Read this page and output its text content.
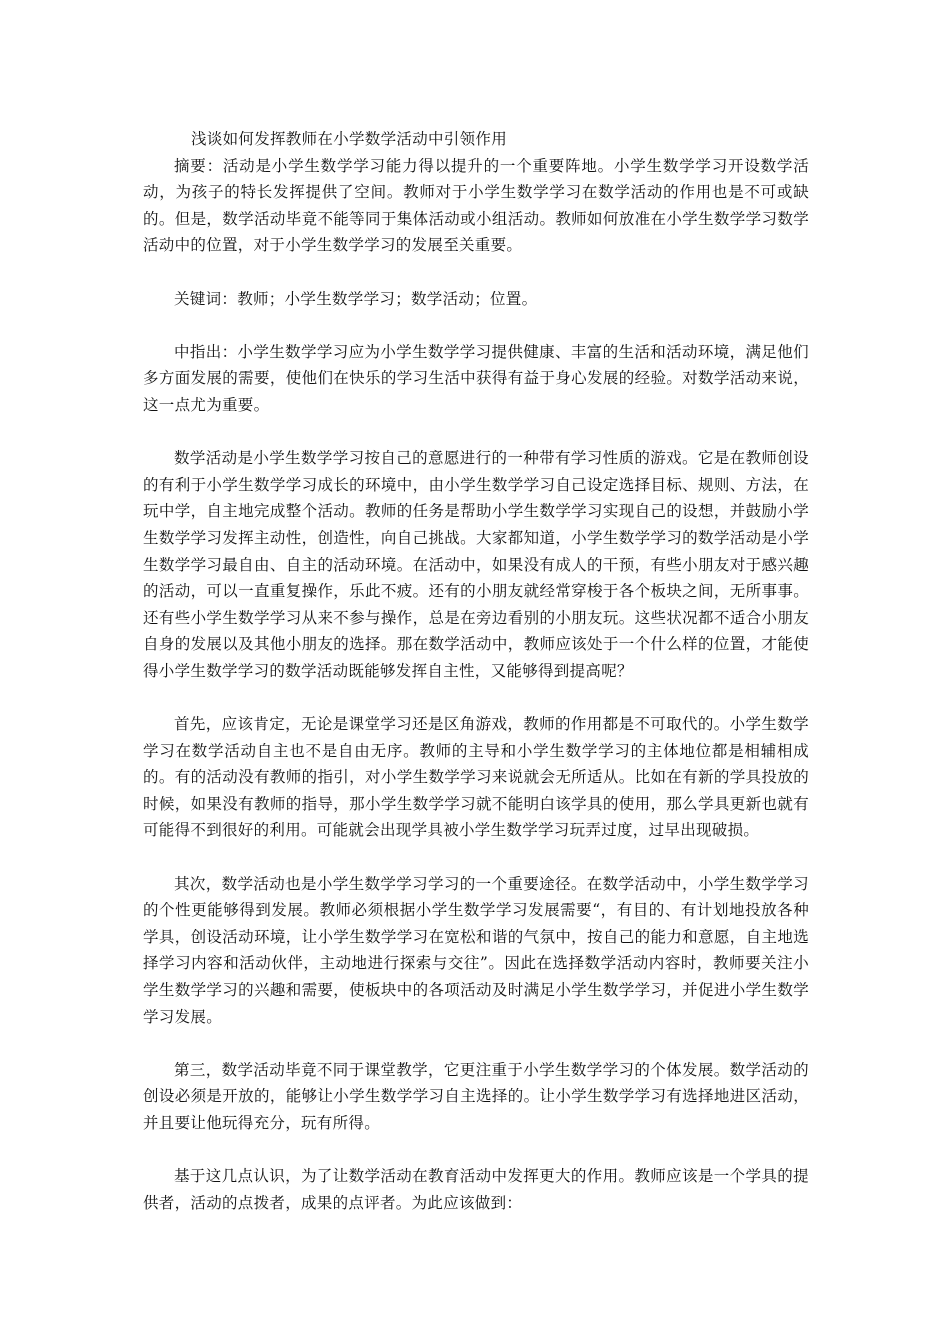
浅谈如何发挥教师在小学数学活动中引领作用

摘要：活动是小学生数学学习能力得以提升的一个重要阵地。小学生数学学习开设数学活动，为孩子的特长发挥提供了空间。教师对于小学生数学学习在数学活动的作用也是不可或缺的。但是，数学活动毕竟不能等同于集体活动或小组活动。教师如何放准在小学生数学学习数学活动中的位置，对于小学生数学学习的发展至关重要。

关键词：教师；小学生数学学习；数学活动；位置。

中指出：小学生数学学习应为小学生数学学习提供健康、丰富的生活和活动环境，满足他们多方面发展的需要，使他们在快乐的学习生活中获得有益于身心发展的经验。对数学活动来说，这一点尤为重要。

数学活动是小学生数学学习按自己的意愿进行的一种带有学习性质的游戏。它是在教师创设的有利于小学生数学学习成长的环境中，由小学生数学学习自己设定选择目标、规则、方法，在玩中学，自主地完成整个活动。教师的任务是帮助小学生数学学习实现自己的设想，并鼓励小学生数学学习发挥主动性，创造性，向自己挑战。大家都知道，小学生数学学习的数学活动是小学生数学学习最自由、自主的活动环境。在活动中，如果没有成人的干预，有些小朋友对于感兴趣的活动，可以一直重复操作，乐此不疲。还有的小朋友就经常穿梭于各个板块之间，无所事事。还有些小学生数学学习从来不参与操作，总是在旁边看别的小朋友玩。这些状况都不适合小朋友自身的发展以及其他小朋友的选择。那在数学活动中，教师应该处于一个什么样的位置，才能使得小学生数学学习的数学活动既能够发挥自主性，又能够得到提高呢？

首先，应该肯定，无论是课堂学习还是区角游戏，教师的作用都是不可取代的。小学生数学学习在数学活动自主也不是自由无序。教师的主导和小学生数学学习的主体地位都是相辅相成的。有的活动没有教师的指引，对小学生数学学习来说就会无所适从。比如在有新的学具投放的时候，如果没有教师的指导，那小学生数学学习就不能明白该学具的使用，那么学具更新也就有可能得不到很好的利用。可能就会出现学具被小学生数学学习玩弄过度，过早出现破损。

其次，数学活动也是小学生数学学习学习的一个重要途径。在数学活动中，小学生数学学习的个性更能够得到发展。教师必须根据小学生数学学习发展需要“，有目的、有计划地投放各种学具，创设活动环境，让小学生数学学习在宽松和谐的气氛中，按自己的能力和意愿，自主地选择学习内容和活动伙伴，主动地进行探索与交往”。因此在选择数学活动内容时，教师要关注小学生数学学习的兴趣和需要，使板块中的各项活动及时满足小学生数学学习，并促进小学生数学学习发展。

第三，数学活动毕竟不同于课堂教学，它更注重于小学生数学学习的个体发展。数学活动的创设必须是开放的，能够让小学生数学学习自主选择的。让小学生数学学习有选择地进区活动，并且要让他玩得充分，玩有所得。

基于这几点认识，为了让数学活动在教育活动中发挥更大的作用。教师应该是一个学具的提供者，活动的点拨者，成果的点评者。为此应该做到：
